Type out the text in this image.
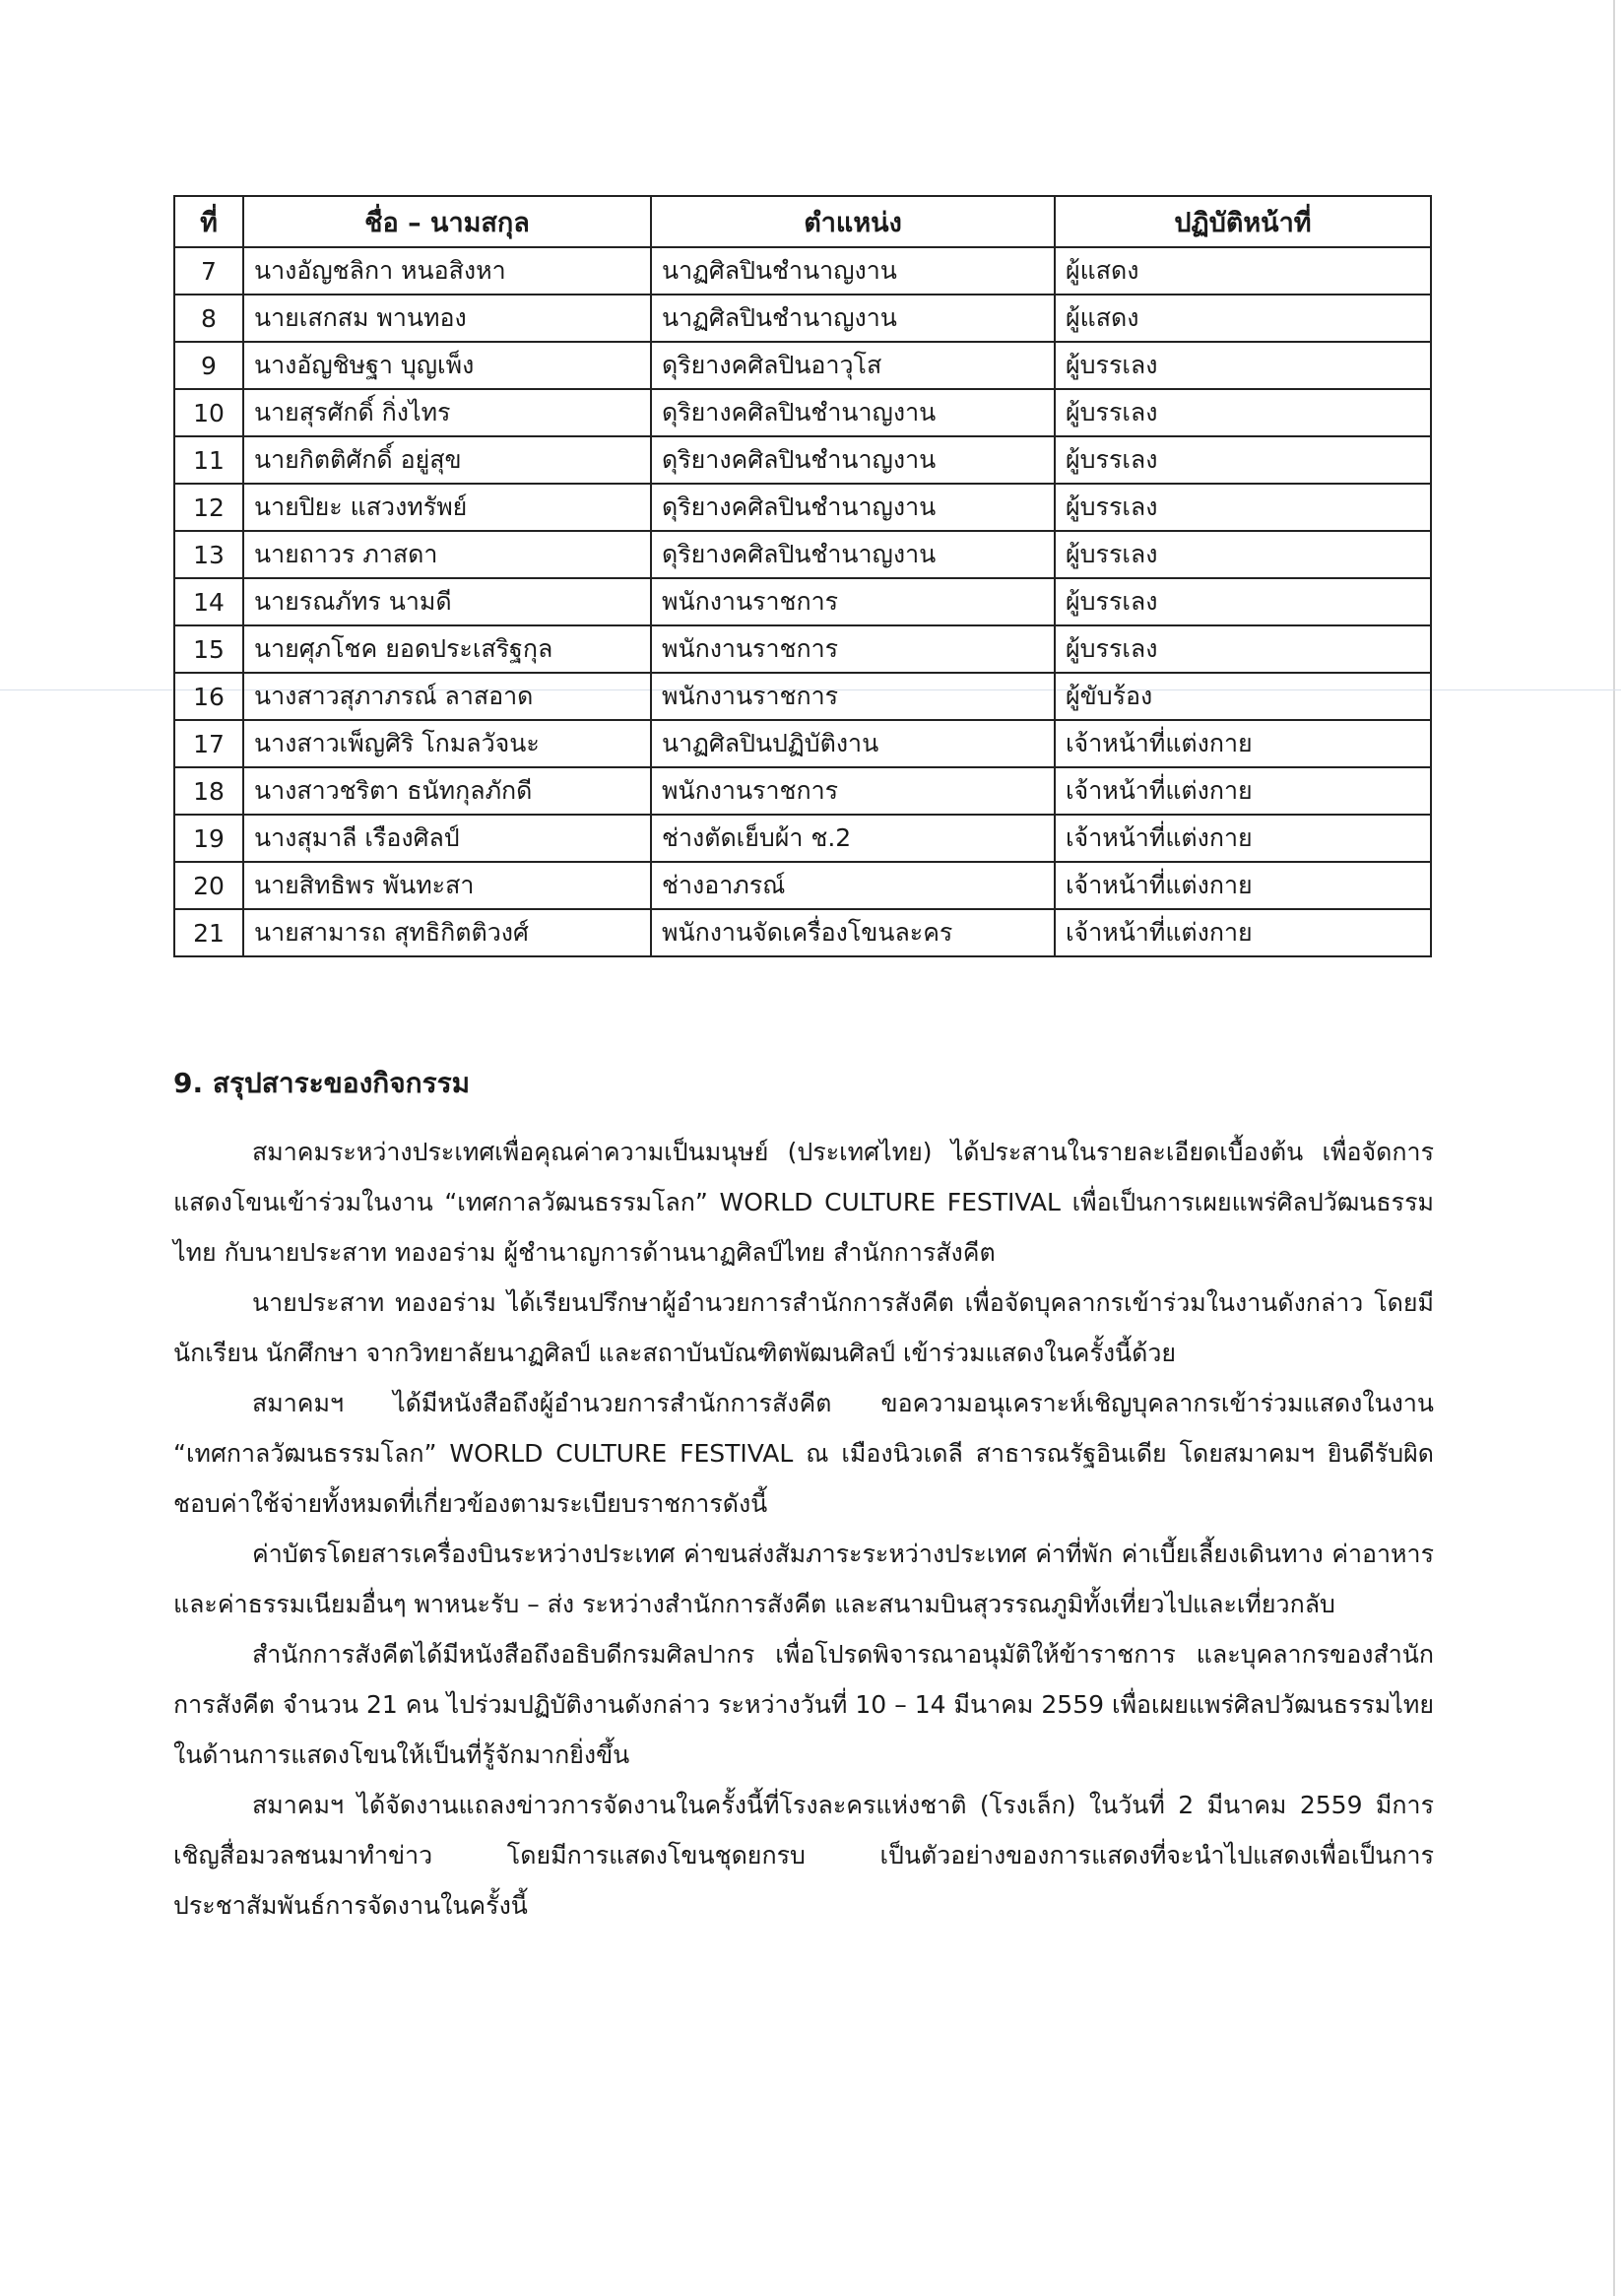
ที่	ชื่อ – นามสกุล	ตำแหน่ง	ปฏิบัติหน้าที่
7	นางอัญชลิกา หนอสิงหา	นาฏศิลปินชำนาญงาน	ผู้แสดง
8	นายเสกสม พานทอง	นาฏศิลปินชำนาญงาน	ผู้แสดง
9	นางอัญชิษฐา บุญเพ็ง	ดุริยางคศิลปินอาวุโส	ผู้บรรเลง
10	นายสุรศักดิ์ กิ่งไทร	ดุริยางคศิลปินชำนาญงาน	ผู้บรรเลง
11	นายกิตติศักดิ์ อยู่สุข	ดุริยางคศิลปินชำนาญงาน	ผู้บรรเลง
12	นายปิยะ แสวงทรัพย์	ดุริยางคศิลปินชำนาญงาน	ผู้บรรเลง
13	นายถาวร ภาสดา	ดุริยางคศิลปินชำนาญงาน	ผู้บรรเลง
14	นายรณภัทร นามดี	พนักงานราชการ	ผู้บรรเลง
15	นายศุภโชค ยอดประเสริฐกุล	พนักงานราชการ	ผู้บรรเลง
16	นางสาวสุภาภรณ์ ลาสอาด	พนักงานราชการ	ผู้ขับร้อง
17	นางสาวเพ็ญศิริ โกมลวัจนะ	นาฏศิลปินปฏิบัติงาน	เจ้าหน้าที่แต่งกาย
18	นางสาวชริตา ธนัทกุลภักดี	พนักงานราชการ	เจ้าหน้าที่แต่งกาย
19	นางสุมาลี เรืองศิลป์	ช่างตัดเย็บผ้า ช.2	เจ้าหน้าที่แต่งกาย
20	นายสิทธิพร พันทะสา	ช่างอาภรณ์	เจ้าหน้าที่แต่งกาย
21	นายสามารถ สุทธิกิตติวงศ์	พนักงานจัดเครื่องโขนละคร	เจ้าหน้าที่แต่งกาย
9. สรุปสาระของกิจกรรม

สมาคมระหว่างประเทศเพื่อคุณค่าความเป็นมนุษย์ (ประเทศไทย) ได้ประสานในรายละเอียดเบื้องต้น เพื่อจัดการแสดงโขนเข้าร่วมในงาน “เทศกาลวัฒนธรรมโลก” WORLD CULTURE FESTIVAL เพื่อเป็นการเผยแพร่ศิลปวัฒนธรรมไทย กับนายประสาท ทองอร่าม ผู้ชำนาญการด้านนาฏศิลป์ไทย สำนักการสังคีต

นายประสาท ทองอร่าม ได้เรียนปรึกษาผู้อำนวยการสำนักการสังคีต เพื่อจัดบุคลากรเข้าร่วมในงานดังกล่าว โดยมีนักเรียน นักศึกษา จากวิทยาลัยนาฏศิลป์ และสถาบันบัณฑิตพัฒนศิลป์ เข้าร่วมแสดงในครั้งนี้ด้วย

สมาคมฯ ได้มีหนังสือถึงผู้อำนวยการสำนักการสังคีต ขอความอนุเคราะห์เชิญบุคลากรเข้าร่วมแสดงในงาน “เทศกาลวัฒนธรรมโลก” WORLD CULTURE FESTIVAL ณ เมืองนิวเดลี สาธารณรัฐอินเดีย โดยสมาคมฯ ยินดีรับผิดชอบค่าใช้จ่ายทั้งหมดที่เกี่ยวข้องตามระเบียบราชการดังนี้

ค่าบัตรโดยสารเครื่องบินระหว่างประเทศ ค่าขนส่งสัมภาระระหว่างประเทศ ค่าที่พัก ค่าเบี้ยเลี้ยงเดินทาง ค่าอาหาร และค่าธรรมเนียมอื่นๆ พาหนะรับ – ส่ง ระหว่างสำนักการสังคีต และสนามบินสุวรรณภูมิทั้งเที่ยวไปและเที่ยวกลับ

สำนักการสังคีตได้มีหนังสือถึงอธิบดีกรมศิลปากร เพื่อโปรดพิจารณาอนุมัติให้ข้าราชการ และบุคลากรของสำนักการสังคีต จำนวน 21 คน ไปร่วมปฏิบัติงานดังกล่าว ระหว่างวันที่ 10 – 14 มีนาคม 2559 เพื่อเผยแพร่ศิลปวัฒนธรรมไทยในด้านการแสดงโขนให้เป็นที่รู้จักมากยิ่งขึ้น

สมาคมฯ ได้จัดงานแถลงข่าวการจัดงานในครั้งนี้ที่โรงละครแห่งชาติ (โรงเล็ก) ในวันที่ 2 มีนาคม 2559 มีการเชิญสื่อมวลชนมาทำข่าว โดยมีการแสดงโขนชุดยกรบ เป็นตัวอย่างของการแสดงที่จะนำไปแสดงเพื่อเป็นการประชาสัมพันธ์การจัดงานในครั้งนี้
